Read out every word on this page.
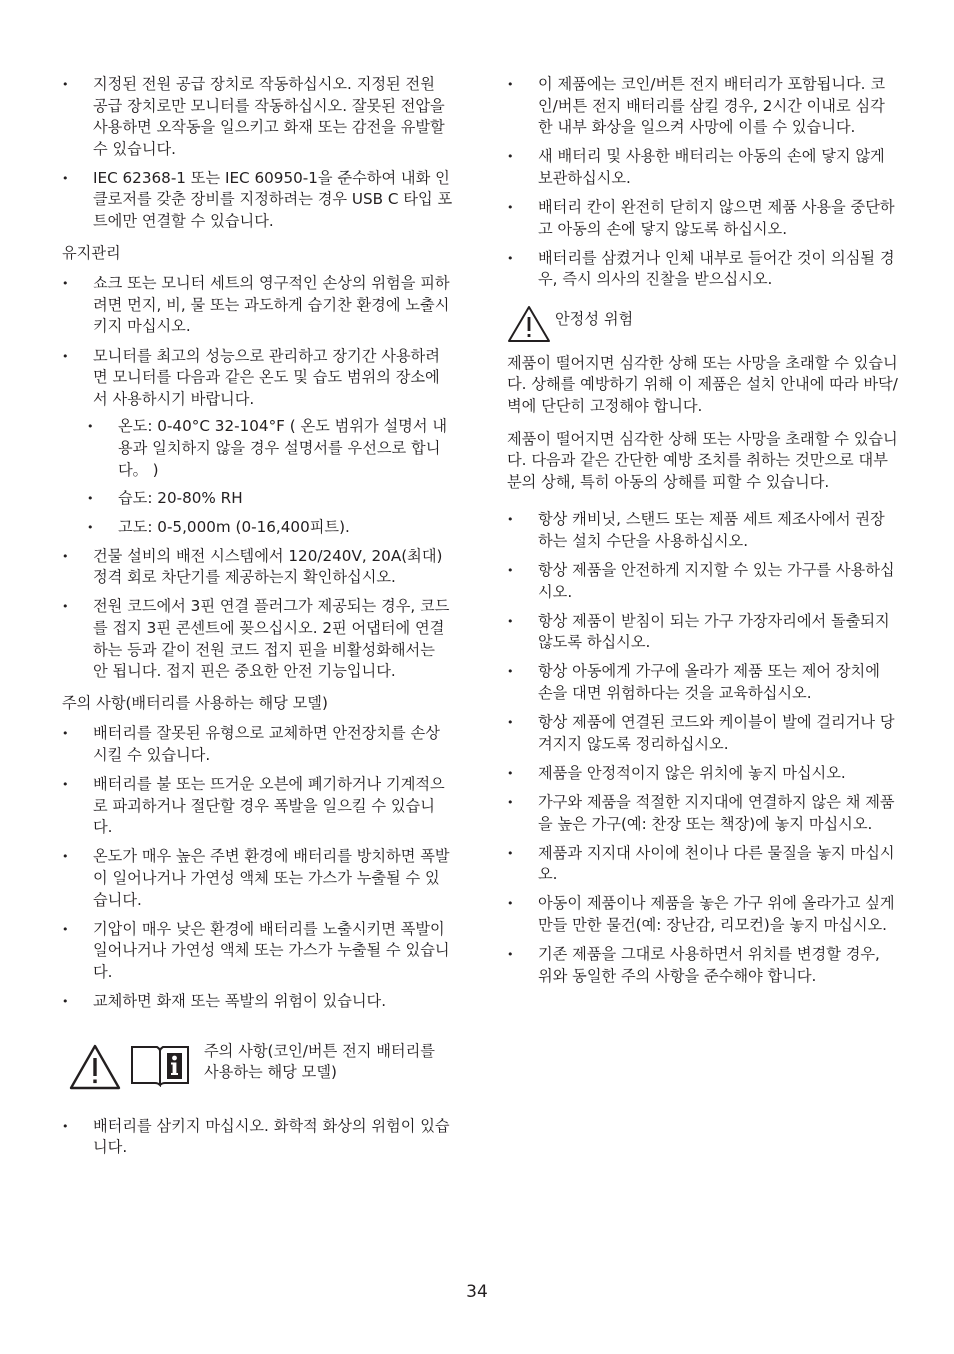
• 지정된 전원 공급 장치로 작동하십시오. 지정된 전원 공급 장치로만 모니터를 작동하십시오. 잘못된 전압을 사용하면 오작동을 일으키고 화재 또는 감전을 유발할 수 있습니다.
• IEC 62368-1 또는 IEC 60950-1을 준수하여 내화 인클로저를 갖춘 장비를 지정하려는 경우 USB C 타입 포트에만 연결할 수 있습니다.
유지관리
• 쇼크 또는 모니터 세트의 영구적인 손상의 위험을 피하려면 먼지, 비, 물 또는 과도하게 습기찬 환경에 노출시키지 마십시오.
• 모니터를 최고의 성능으로 관리하고 장기간 사용하려면 모니터를 다음과 같은 온도 및 습도 범위의 장소에서 사용하시기 바랍니다.
• 온도: 0-40°C 32-104°F ( 온도 범위가 설명서 내용과 일치하지 않을 경우 설명서를 우선으로 합니다。 )
• 습도: 20-80% RH
• 고도: 0-5,000m (0-16,400피트).
• 건물 설비의 배전 시스템에서 120/240V, 20A(최대) 정격 회로 차단기를 제공하는지 확인하십시오.
• 전원 코드에서 3핀 연결 플러그가 제공되는 경우, 코드를 접지 3핀 콘센트에 꽂으십시오. 2핀 어댑터에 연결하는 등과 같이 전원 코드 접지 핀을 비활성화해서는 안 됩니다. 접지 핀은 중요한 안전 기능입니다.
주의 사항(배터리를 사용하는 해당 모델)
• 배터리를 잘못된 유형으로 교체하면 안전장치를 손상시킬 수 있습니다.
• 배터리를 불 또는 뜨거운 오븐에 폐기하거나 기계적으로 파괴하거나 절단할 경우 폭발을 일으킬 수 있습니다.
• 온도가 매우 높은 주변 환경에 배터리를 방치하면 폭발이 일어나거나 가연성 액체 또는 가스가 누출될 수 있습니다.
• 기압이 매우 낮은 환경에 배터리를 노출시키면 폭발이 일어나거나 가연성 액체 또는 가스가 누출될 수 있습니다.
• 교체하면 화재 또는 폭발의 위험이 있습니다.
주의 사항(코인/버튼 전지 배터리를 사용하는 해당 모델)
• 배터리를 삼키지 마십시오. 화학적 화상의 위험이 있습니다.
• 이 제품에는 코인/버튼 전지 배터리가 포함됩니다. 코인/버튼 전지 배터리를 삼킬 경우, 2시간 이내로 심각한 내부 화상을 일으켜 사망에 이를 수 있습니다.
• 새 배터리 및 사용한 배터리는 아동의 손에 닿지 않게 보관하십시오.
• 배터리 칸이 완전히 닫히지 않으면 제품 사용을 중단하고 아동의 손에 닿지 않도록 하십시오.
• 배터리를 삼켰거나 인체 내부로 들어간 것이 의심될 경우, 즉시 의사의 진찰을 받으십시오.
안정성 위험

제품이 떨어지면 심각한 상해 또는 사망을 초래할 수 있습니다. 상해를 예방하기 위해 이 제품은 설치 안내에 따라 바닥/벽에 단단히 고정해야 합니다.

제품이 떨어지면 심각한 상해 또는 사망을 초래할 수 있습니다. 다음과 같은 간단한 예방 조치를 취하는 것만으로 대부분의 상해, 특히 아동의 상해를 피할 수 있습니다.

• 항상 캐비닛, 스탠드 또는 제품 세트 제조사에서 권장하는 설치 수단을 사용하십시오.
• 항상 제품을 안전하게 지지할 수 있는 가구를 사용하십시오.
• 항상 제품이 받침이 되는 가구 가장자리에서 돌출되지 않도록 하십시오.
• 항상 아동에게 가구에 올라가 제품 또는 제어 장치에 손을 대면 위험하다는 것을 교육하십시오.
• 항상 제품에 연결된 코드와 케이블이 발에 걸리거나 당겨지지 않도록 정리하십시오.
• 제품을 안정적이지 않은 위치에 놓지 마십시오.
• 가구와 제품을 적절한 지지대에 연결하지 않은 채 제품을 높은 가구(예: 찬장 또는 책장)에 놓지 마십시오.
• 제품과 지지대 사이에 천이나 다른 물질을 놓지 마십시오.
• 아동이 제품이나 제품을 놓은 가구 위에 올라가고 싶게 만들 만한 물건(예: 장난감, 리모컨)을 놓지 마십시오.
• 기존 제품을 그대로 사용하면서 위치를 변경할 경우, 위와 동일한 주의 사항을 준수해야 합니다.
34
